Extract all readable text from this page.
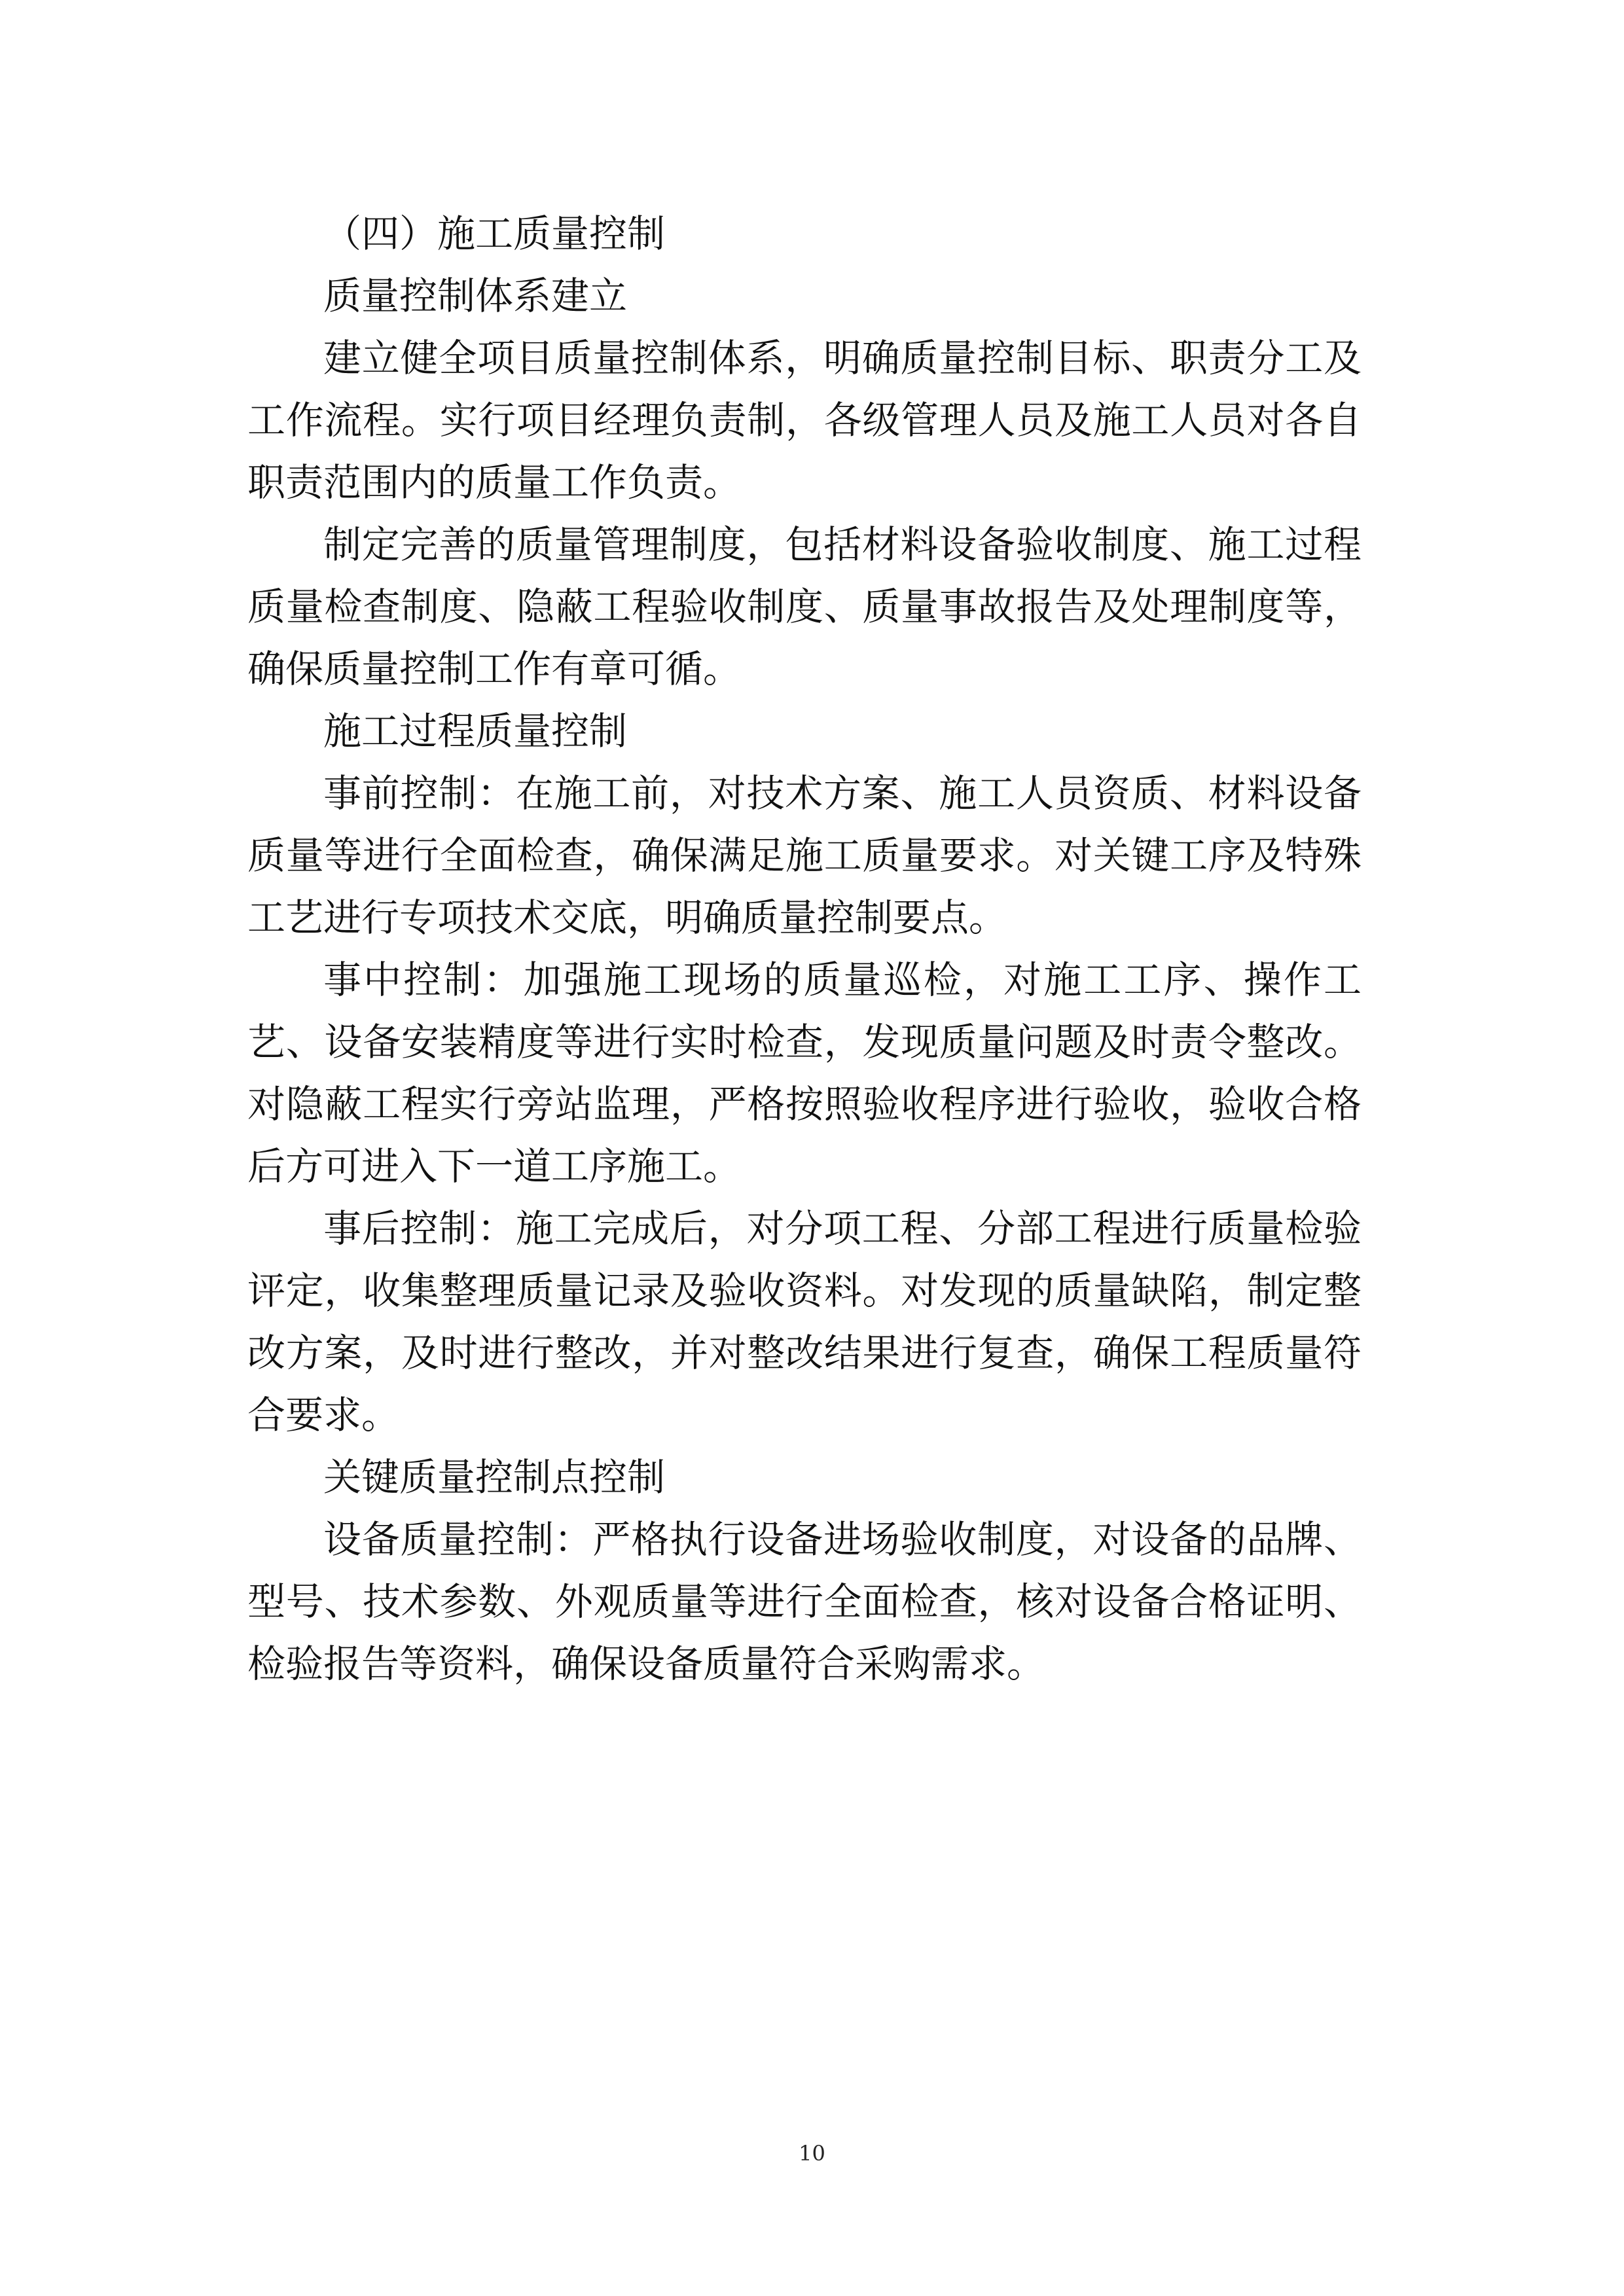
（四）施工质量控制

质量控制体系建立

建立健全项目质量控制体系，明确质量控制目标、职责分工及工作流程。实行项目经理负责制，各级管理人员及施工人员对各自职责范围内的质量工作负责。

制定完善的质量管理制度，包括材料设备验收制度、施工过程质量检查制度、隐蔽工程验收制度、质量事故报告及处理制度等，确保质量控制工作有章可循。

施工过程质量控制

事前控制：在施工前，对技术方案、施工人员资质、材料设备质量等进行全面检查，确保满足施工质量要求。对关键工序及特殊工艺进行专项技术交底，明确质量控制要点。

事中控制：加强施工现场的质量巡检，对施工工序、操作工艺、设备安装精度等进行实时检查，发现质量问题及时责令整改。对隐蔽工程实行旁站监理，严格按照验收程序进行验收，验收合格后方可进入下一道工序施工。

事后控制：施工完成后，对分项工程、分部工程进行质量检验评定，收集整理质量记录及验收资料。对发现的质量缺陷，制定整改方案，及时进行整改，并对整改结果进行复查，确保工程质量符合要求。

关键质量控制点控制

设备质量控制：严格执行设备进场验收制度，对设备的品牌、型号、技术参数、外观质量等进行全面检查，核对设备合格证明、检验报告等资料，确保设备质量符合采购需求。

10
